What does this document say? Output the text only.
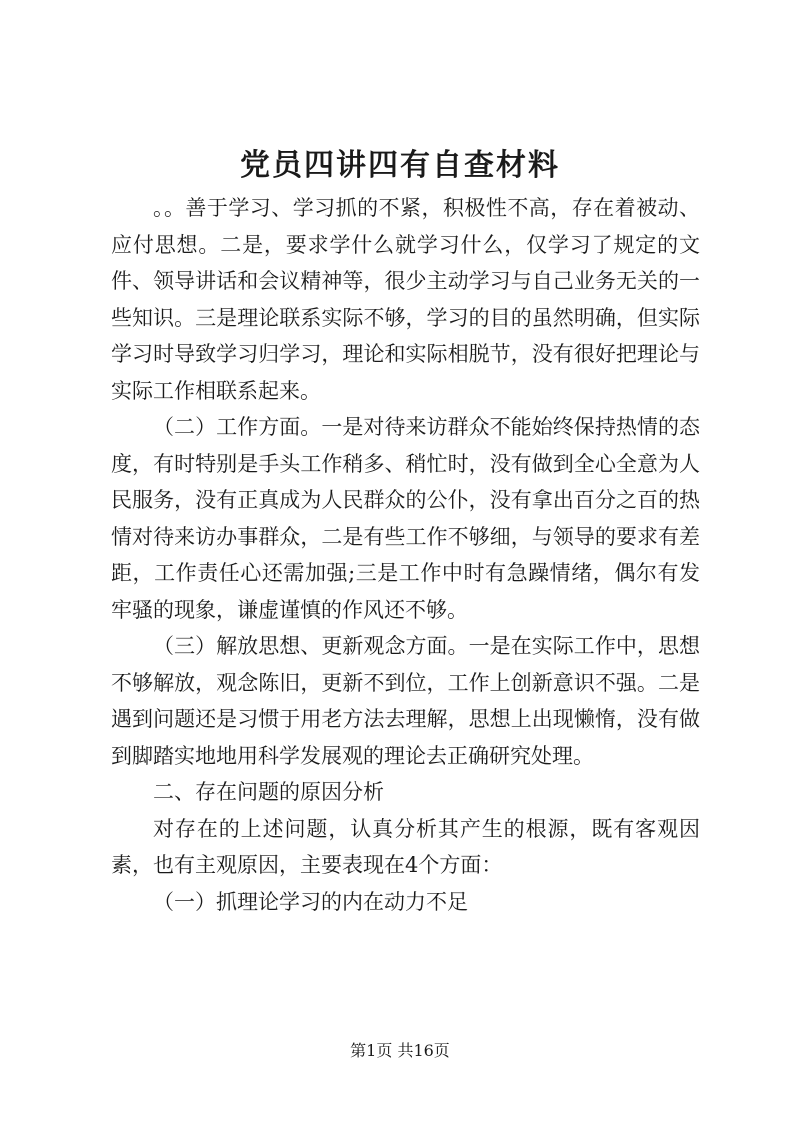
党员四讲四有自查材料

。。善于学习、学习抓的不紧，积极性不高，存在着被动、应付思想。二是，要求学什么就学习什么，仅学习了规定的文件、领导讲话和会议精神等，很少主动学习与自己业务无关的一些知识。三是理论联系实际不够，学习的目的虽然明确，但实际学习时导致学习归学习，理论和实际相脱节，没有很好把理论与实际工作相联系起来。

（二）工作方面。一是对待来访群众不能始终保持热情的态度，有时特别是手头工作稍多、稍忙时，没有做到全心全意为人民服务，没有正真成为人民群众的公仆，没有拿出百分之百的热情对待来访办事群众，二是有些工作不够细，与领导的要求有差距，工作责任心还需加强;三是工作中时有急躁情绪，偶尔有发牢骚的现象，谦虚谨慎的作风还不够。

（三）解放思想、更新观念方面。一是在实际工作中，思想不够解放，观念陈旧，更新不到位，工作上创新意识不强。二是遇到问题还是习惯于用老方法去理解，思想上出现懒惰，没有做到脚踏实地地用科学发展观的理论去正确研究处理。

二、存在问题的原因分析

对存在的上述问题，认真分析其产生的根源，既有客观因素，也有主观原因，主要表现在4个方面：

（一）抓理论学习的内在动力不足

第1页 共16页
